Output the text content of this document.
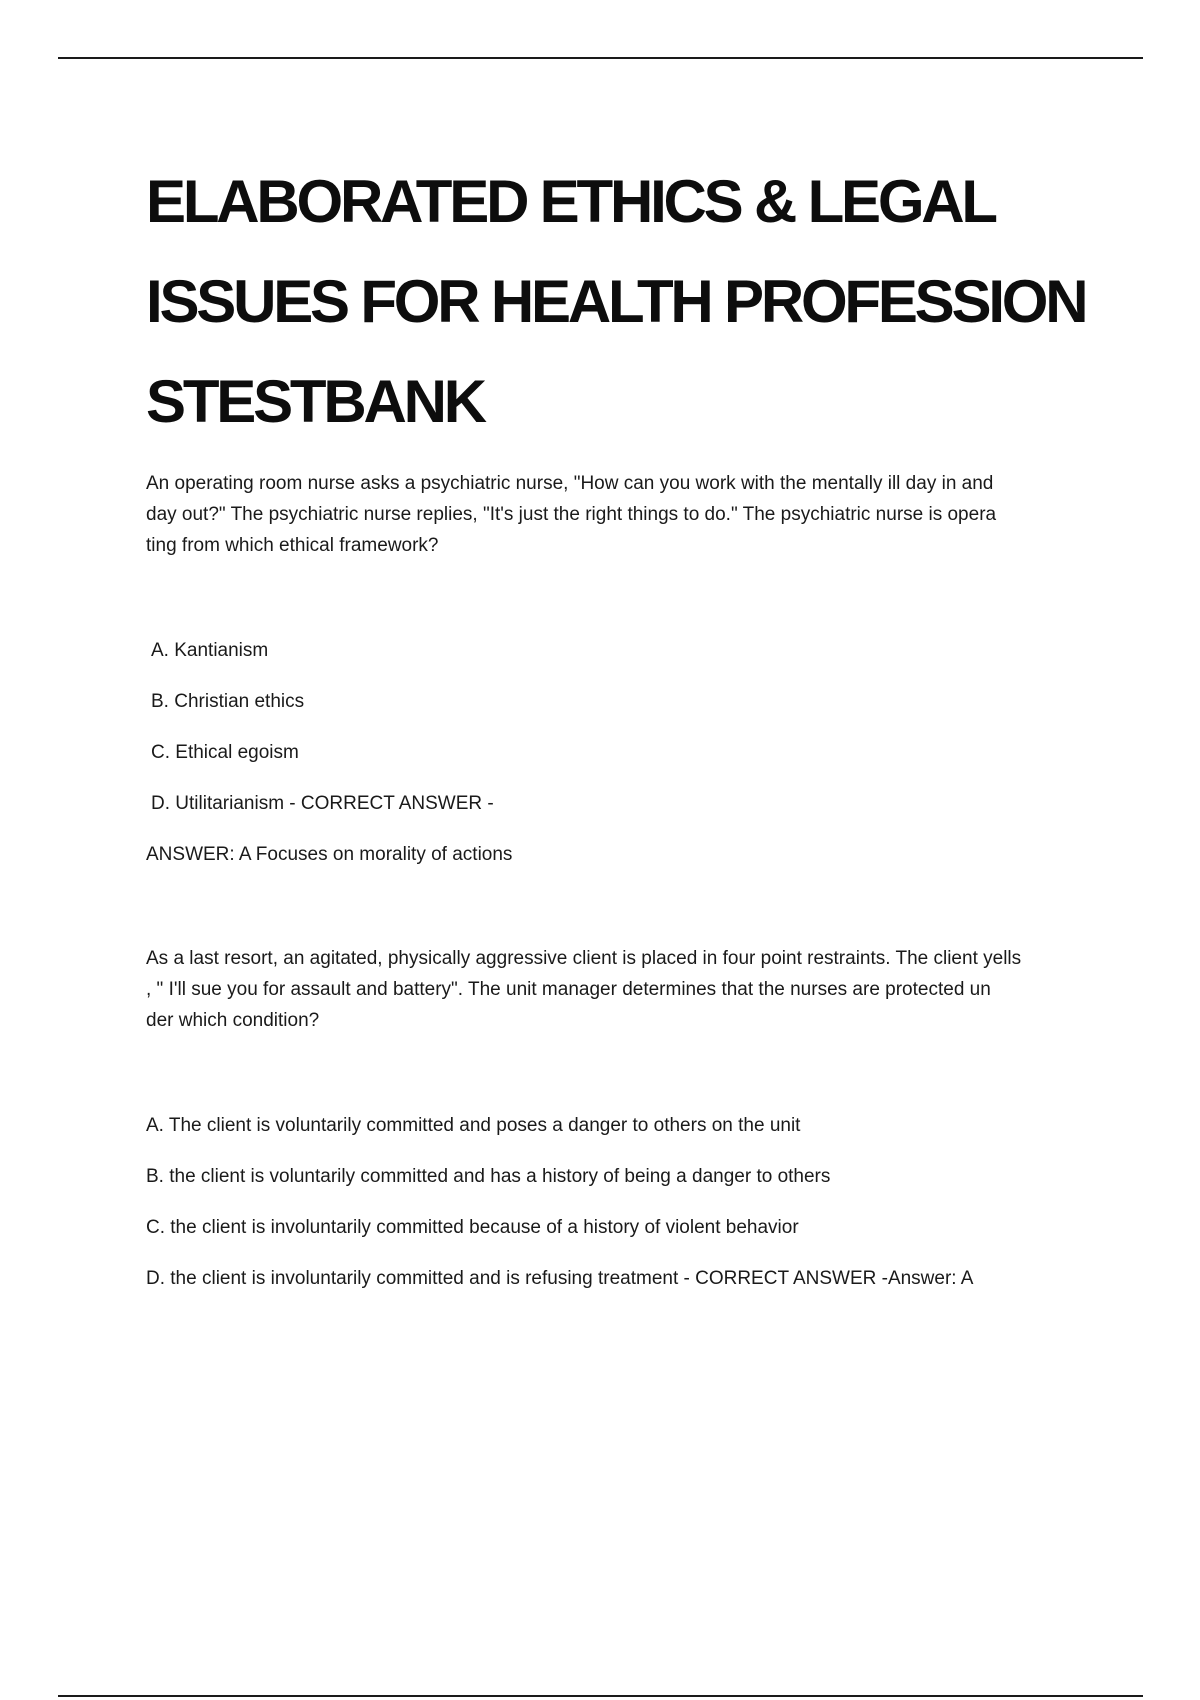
ELABORATED ETHICS & LEGAL
ISSUES FOR HEALTH PROFESSION
STESTBANK

An operating room nurse asks a psychiatric nurse, "How can you work with the mentally ill day in and
day out?" The psychiatric nurse replies, "It's just the right things to do." The psychiatric nurse is opera
ting from which ethical framework?

A. Kantianism

B. Christian ethics

C. Ethical egoism

D. Utilitarianism - CORRECT ANSWER -

ANSWER: A Focuses on morality of actions

As a last resort, an agitated, physically aggressive client is placed in four point restraints. The client yells
, " I'll sue you for assault and battery". The unit manager determines that the nurses are protected un
der which condition?

A. The client is voluntarily committed and poses a danger to others on the unit

B. the client is voluntarily committed and has a history of being a danger to others

C. the client is involuntarily committed because of a history of violent behavior

D. the client is involuntarily committed and is refusing treatment - CORRECT ANSWER -Answer: A
